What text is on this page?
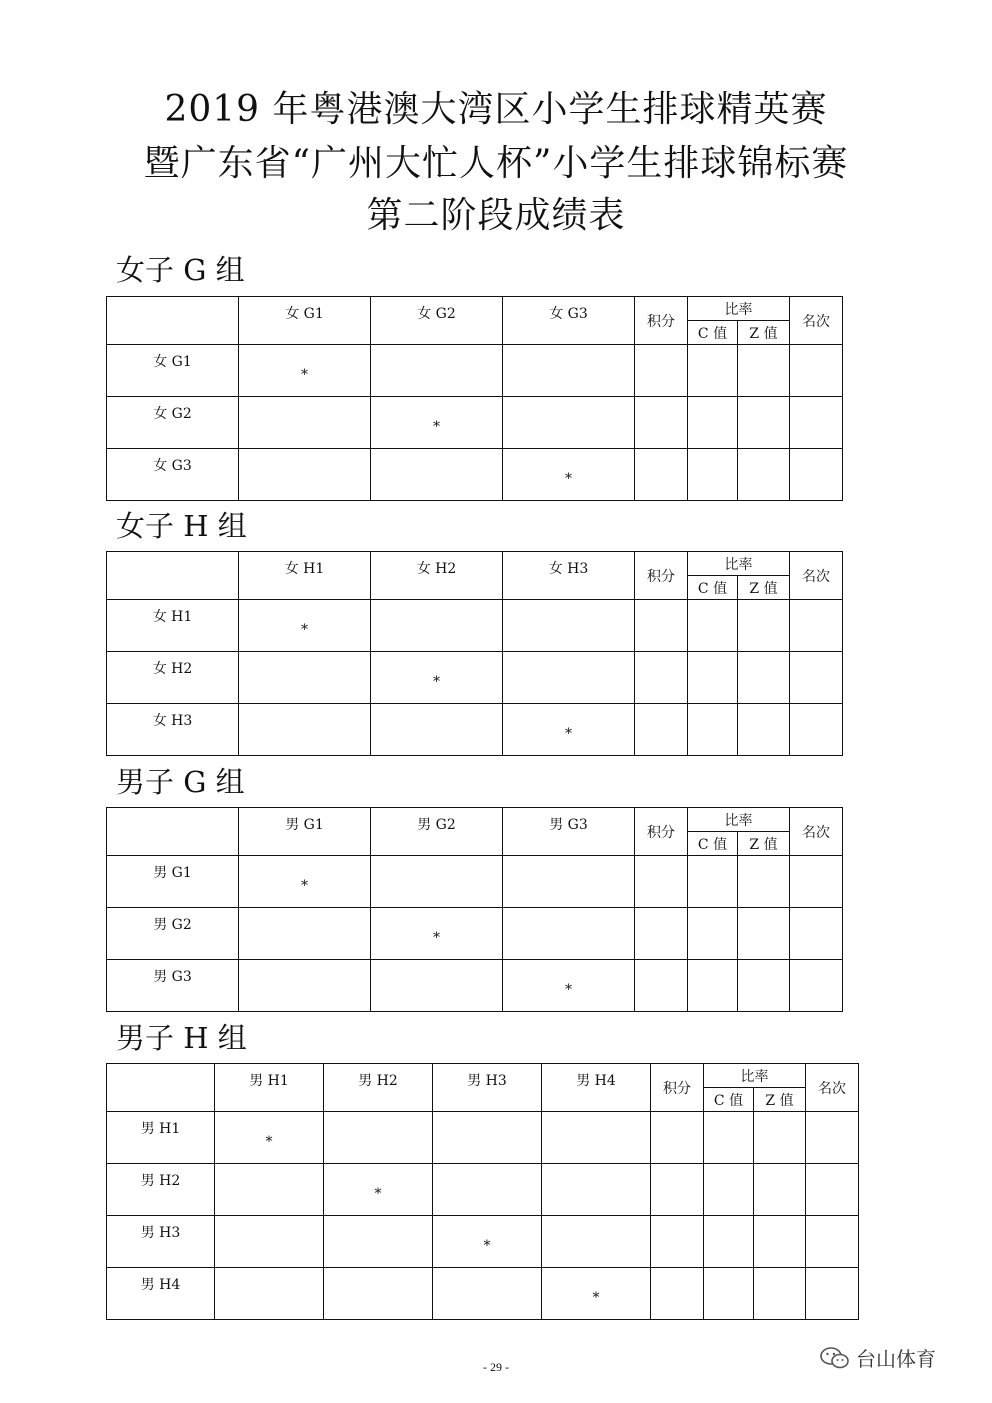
2019 年粤港澳大湾区小学生排球精英赛
暨广东省“广州大忙人杯”小学生排球锦标赛
第二阶段成绩表
女子 G 组
	女 G1	女 G2	女 G3	积分	比率		名次
					C 值	Z 值	
女 G1	*						
女 G2		*					
女 G3			*				
女子 H 组
	女 H1	女 H2	女 H3	积分	比率		名次
					C 值	Z 值	
女 H1	*						
女 H2		*					
女 H3			*				
男子 G 组
	男 G1	男 G2	男 G3	积分	比率		名次
					C 值	Z 值	
男 G1	*						
男 G2		*					
男 G3			*				
男子 H 组
	男 H1	男 H2	男 H3	男 H4	积分	比率		名次
						C 值	Z 值	
男 H1	*							
男 H2		*						
男 H3			*					
男 H4				*				
- 29 -	台山体育
